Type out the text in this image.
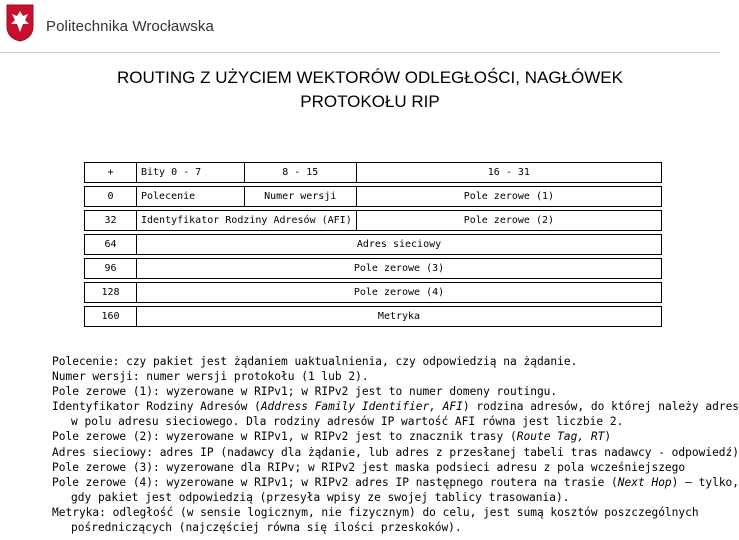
Politechnika Wrocławska
ROUTING Z UŻYCIEM WEKTORÓW ODLEGŁOŚCI, NAGŁÓWEK
PROTOKOŁU RIP
+	Bity 0 - 7	8 - 15	16 - 31

0	Polecenie	Numer wersji	Pole zerowe (1)

32	Identyfikator Rodziny Adresów (AFI)		Pole zerowe (2)

64	Adres sieciowy		

96	Pole zerowe (3)		

128	Pole zerowe (4)		

160	Metryka		
Polecenie: czy pakiet jest żądaniem uaktualnienia, czy odpowiedzią na żądanie.
Numer wersji: numer wersji protokołu (1 lub 2).
Pole zerowe (1): wyzerowane w RIPv1; w RIPv2 jest to numer domeny routingu.
Identyfikator Rodziny Adresów (Address Family Identifier, AFI) rodzina adresów, do której należy adres
w polu adresu sieciowego. Dla rodziny adresów IP wartość AFI równa jest liczbie 2.
Pole zerowe (2): wyzerowane w RIPv1, w RIPv2 jest to znacznik trasy (Route Tag, RT)
Adres sieciowy: adres IP (nadawcy dla żądanie, lub adres z przesłanej tabeli tras nadawcy - odpowiedź)
Pole zerowe (3): wyzerowane dla RIPv; w RIPv2 jest maska podsieci adresu z pola wcześniejszego
Pole zerowe (4): wyzerowane w RIPv1; w RIPv2 adres IP następnego routera na trasie (Next Hop) – tylko,
gdy pakiet jest odpowiedzią (przesyła wpisy ze swojej tablicy trasowania).
Metryka: odległość (w sensie logicznym, nie fizycznym) do celu, jest sumą kosztów poszczególnych
pośredniczących (najczęściej równa się ilości przeskoków).
